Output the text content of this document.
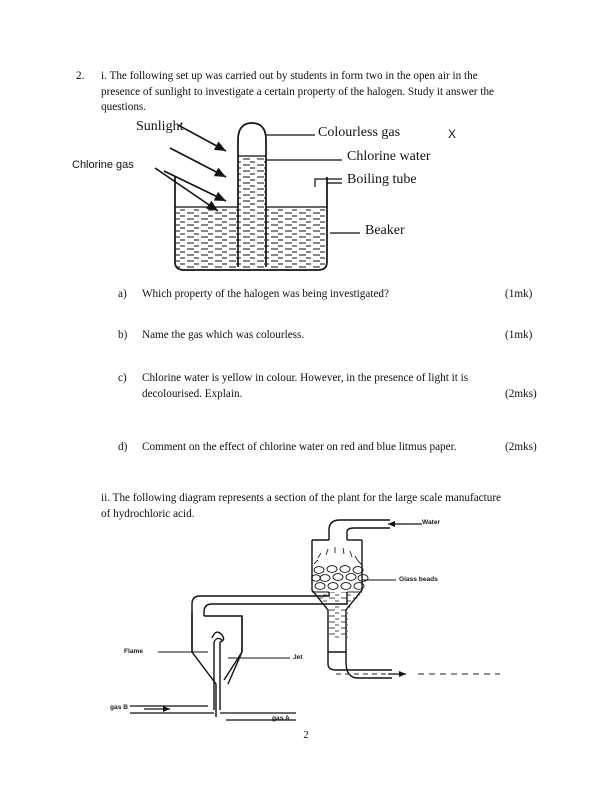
2. i. The following set up was carried out by students in form two in the open air in the presence of sunlight to investigate a certain property of the halogen. Study it answer the questions.
Sunlight
Chlorine gas
Colourless gas	X
Chlorine water
Boiling tube
Beaker
a) Which property of the halogen was being investigated?	(1mk)
b) Name the gas which was colourless.	(1mk)
c) Chlorine water is yellow in colour. However, in the presence of light it is decolourised. Explain.	(2mks)
d) Comment on the effect of chlorine water on red and blue litmus paper.	(2mks)
ii. The following diagram represents a section of the plant for the large scale manufacture of hydrochloric acid.
Water
Glass beads
Flame
Jet
gas B
gas A
2
